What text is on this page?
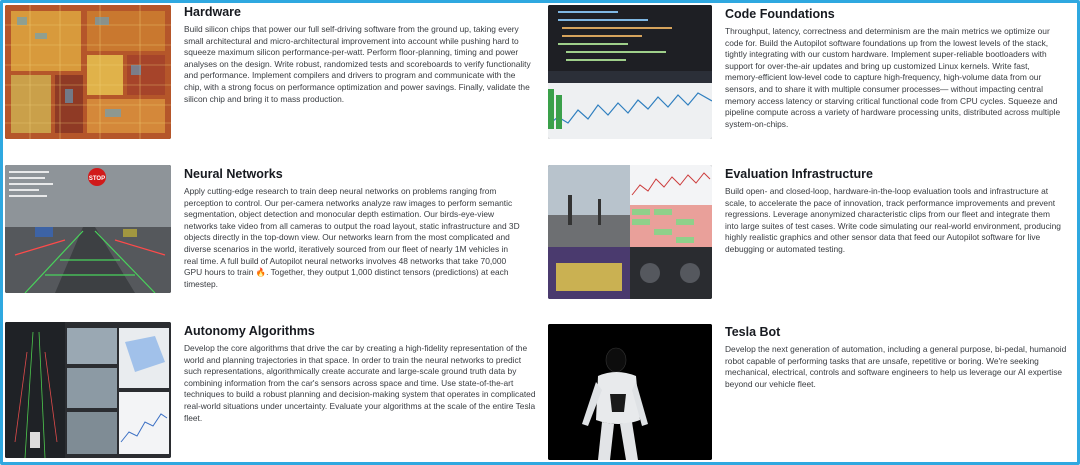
Hardware
Build silicon chips that power our full self-driving software from the ground up, taking every small architectural and micro-architectural improvement into account while pushing hard to squeeze maximum silicon performance-per-watt. Perform floor-planning, timing and power analyses on the design. Write robust, randomized tests and scoreboards to verify functionality and performance. Implement compilers and drivers to program and communicate with the chip, with a strong focus on performance optimization and power savings. Finally, validate the silicon chip and bring it to mass production.
Code Foundations
Throughput, latency, correctness and determinism are the main metrics we optimize our code for. Build the Autopilot software foundations up from the lowest levels of the stack, tightly integrating with our custom hardware. Implement super-reliable bootloaders with support for over-the-air updates and bring up customized Linux kernels. Write fast, memory-efficient low-level code to capture high-frequency, high-volume data from our sensors, and to share it with multiple consumer processes— without impacting central memory access latency or starving critical functional code from CPU cycles. Squeeze and pipeline compute across a variety of hardware processing units, distributed across multiple system-on-chips.
STOP	Neural Networks
Apply cutting-edge research to train deep neural networks on problems ranging from perception to control. Our per-camera networks analyze raw images to perform semantic segmentation, object detection and monocular depth estimation. Our birds-eye-view networks take video from all cameras to output the road layout, static infrastructure and 3D objects directly in the top-down view. Our networks learn from the most complicated and diverse scenarios in the world, iteratively sourced from our fleet of nearly 1M vehicles in real time. A full build of Autopilot neural networks involves 48 networks that take 70,000 GPU hours to train 🔥. Together, they output 1,000 distinct tensors (predictions) at each timestep.
Evaluation Infrastructure
Build open- and closed-loop, hardware-in-the-loop evaluation tools and infrastructure at scale, to accelerate the pace of innovation, track performance improvements and prevent regressions. Leverage anonymized characteristic clips from our fleet and integrate them into large suites of test cases. Write code simulating our real-world environment, producing highly realistic graphics and other sensor data that feed our Autopilot software for live debugging or automated testing.
Autonomy Algorithms
Develop the core algorithms that drive the car by creating a high-fidelity representation of the world and planning trajectories in that space. In order to train the neural networks to predict such representations, algorithmically create accurate and large-scale ground truth data by combining information from the car's sensors across space and time. Use state-of-the-art techniques to build a robust planning and decision-making system that operates in complicated real-world situations under uncertainty. Evaluate your algorithms at the scale of the entire Tesla fleet.
Tesla Bot
Develop the next generation of automation, including a general purpose, bi-pedal, humanoid robot capable of performing tasks that are unsafe, repetitive or boring. We're seeking mechanical, electrical, controls and software engineers to help us leverage our AI expertise beyond our vehicle fleet.
